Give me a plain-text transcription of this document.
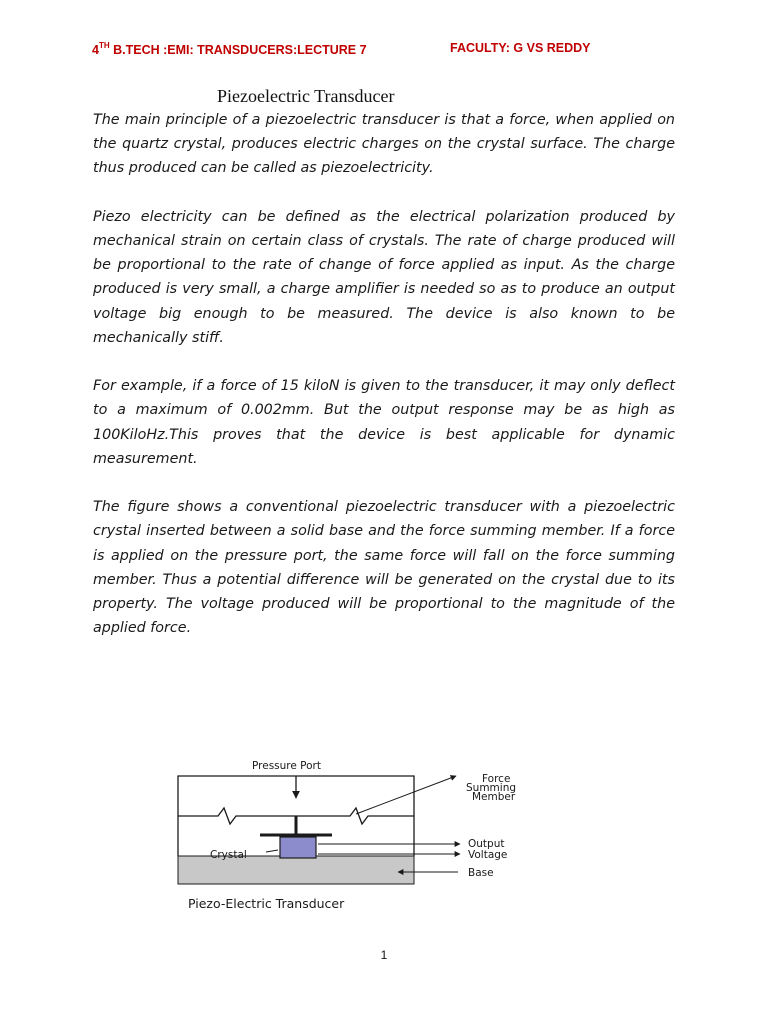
4TH B.TECH :EMI: TRANSDUCERS:LECTURE 7	FACULTY: G VS REDDY
Piezoelectric Transducer

The main principle of a piezoelectric transducer is that a force, when applied on the quartz crystal, produces electric charges on the crystal surface. The charge thus produced can be called as piezoelectricity.

Piezo electricity can be defined as the electrical polarization produced by mechanical strain on certain class of crystals. The rate of charge produced will be proportional to the rate of change of force applied as input. As the charge produced is very small, a charge amplifier is needed so as to produce an output voltage big enough to be measured. The device is also known to be mechanically stiff.

For example, if a force of 15 kiloN is given to the transducer, it may only deflect to a maximum of 0.002mm. But the output response may be as high as 100KiloHz.This proves that the device is best applicable for dynamic measurement.

The figure shows a conventional piezoelectric transducer with a piezoelectric crystal inserted between a solid base and the force summing member. If a force is applied on the pressure port, the same force will fall on the force summing member. Thus a potential difference will be generated on the crystal due to its property. The voltage produced will be proportional to the magnitude of the applied force.

Pressure Port
Force
Summing
Member
Output
Voltage
Crystal
Base
Piezo-Electric Transducer
1
